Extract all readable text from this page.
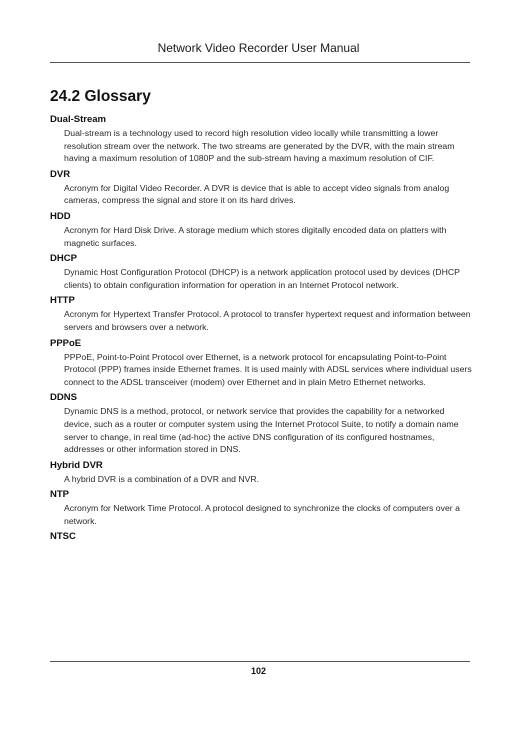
Network Video Recorder User Manual
24.2 Glossary
Dual-Stream
Dual-stream is a technology used to record high resolution video locally while transmitting a lower resolution stream over the network. The two streams are generated by the DVR, with the main stream having a maximum resolution of 1080P and the sub-stream having a maximum resolution of CIF.
DVR
Acronym for Digital Video Recorder. A DVR is device that is able to accept video signals from analog cameras, compress the signal and store it on its hard drives.
HDD
Acronym for Hard Disk Drive. A storage medium which stores digitally encoded data on platters with magnetic surfaces.
DHCP
Dynamic Host Configuration Protocol (DHCP) is a network application protocol used by devices (DHCP clients) to obtain configuration information for operation in an Internet Protocol network.
HTTP
Acronym for Hypertext Transfer Protocol. A protocol to transfer hypertext request and information between servers and browsers over a network.
PPPoE
PPPoE, Point-to-Point Protocol over Ethernet, is a network protocol for encapsulating Point-to-Point Protocol (PPP) frames inside Ethernet frames. It is used mainly with ADSL services where individual users connect to the ADSL transceiver (modem) over Ethernet and in plain Metro Ethernet networks.
DDNS
Dynamic DNS is a method, protocol, or network service that provides the capability for a networked device, such as a router or computer system using the Internet Protocol Suite, to notify a domain name server to change, in real time (ad-hoc) the active DNS configuration of its configured hostnames, addresses or other information stored in DNS.
Hybrid DVR
A hybrid DVR is a combination of a DVR and NVR.
NTP
Acronym for Network Time Protocol. A protocol designed to synchronize the clocks of computers over a network.
NTSC
102
